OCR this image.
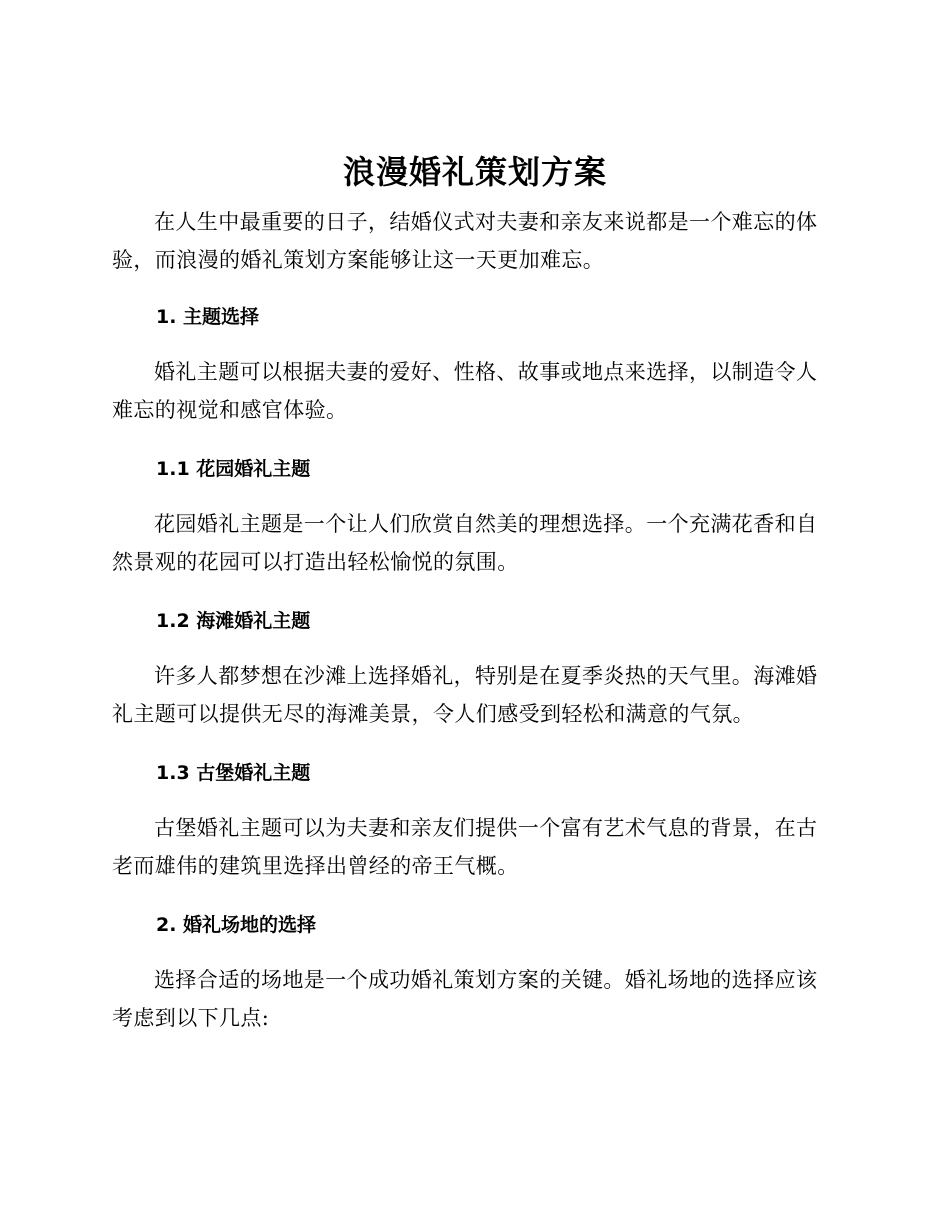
浪漫婚礼策划方案

在人生中最重要的日子，结婚仪式对夫妻和亲友来说都是一个难忘的体验，而浪漫的婚礼策划方案能够让这一天更加难忘。

1. 主题选择

婚礼主题可以根据夫妻的爱好、性格、故事或地点来选择，以制造令人难忘的视觉和感官体验。

1.1 花园婚礼主题

花园婚礼主题是一个让人们欣赏自然美的理想选择。一个充满花香和自然景观的花园可以打造出轻松愉悦的氛围。

1.2 海滩婚礼主题

许多人都梦想在沙滩上选择婚礼，特别是在夏季炎热的天气里。海滩婚礼主题可以提供无尽的海滩美景，令人们感受到轻松和满意的气氛。

1.3 古堡婚礼主题

古堡婚礼主题可以为夫妻和亲友们提供一个富有艺术气息的背景，在古老而雄伟的建筑里选择出曾经的帝王气概。

2. 婚礼场地的选择

选择合适的场地是一个成功婚礼策划方案的关键。婚礼场地的选择应该考虑到以下几点:
